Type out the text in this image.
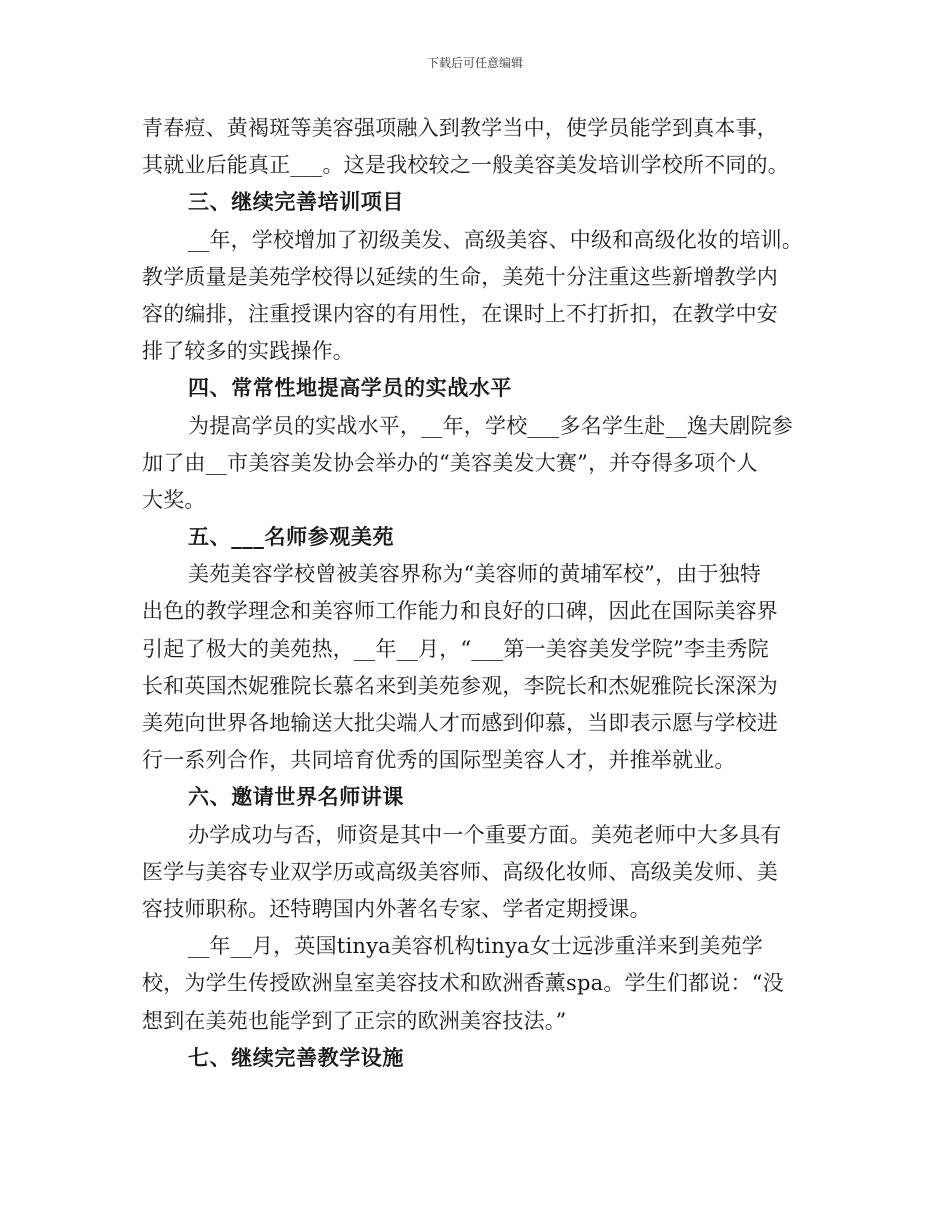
下载后可任意编辑
青春痘、黄褐斑等美容强项融入到教学当中，使学员能学到真本事，
其就业后能真正___。这是我校较之一般美容美发培训学校所不同的。
三、继续完善培训项目
__年，学校增加了初级美发、高级美容、中级和高级化妆的培训。
教学质量是美苑学校得以延续的生命，美苑十分注重这些新增教学内
容的编排，注重授课内容的有用性，在课时上不打折扣，在教学中安
排了较多的实践操作。
四、常常性地提高学员的实战水平
为提高学员的实战水平，__年，学校___多名学生赴__逸夫剧院参
加了由__市美容美发协会举办的“美容美发大赛”，并夺得多项个人
大奖。
五、___名师参观美苑
美苑美容学校曾被美容界称为“美容师的黄埔军校”，由于独特
出色的教学理念和美容师工作能力和良好的口碑，因此在国际美容界
引起了极大的美苑热，__年__月，“___第一美容美发学院”李圭秀院
长和英国杰妮雅院长慕名来到美苑参观，李院长和杰妮雅院长深深为
美苑向世界各地输送大批尖端人才而感到仰慕，当即表示愿与学校进
行一系列合作，共同培育优秀的国际型美容人才，并推举就业。
六、邀请世界名师讲课
办学成功与否，师资是其中一个重要方面。美苑老师中大多具有
医学与美容专业双学历或高级美容师、高级化妆师、高级美发师、美
容技师职称。还特聘国内外著名专家、学者定期授课。
__年__月，英国tinya美容机构tinya女士远涉重洋来到美苑学
校，为学生传授欧洲皇室美容技术和欧洲香薰spa。学生们都说：“没
想到在美苑也能学到了正宗的欧洲美容技法。”
七、继续完善教学设施
